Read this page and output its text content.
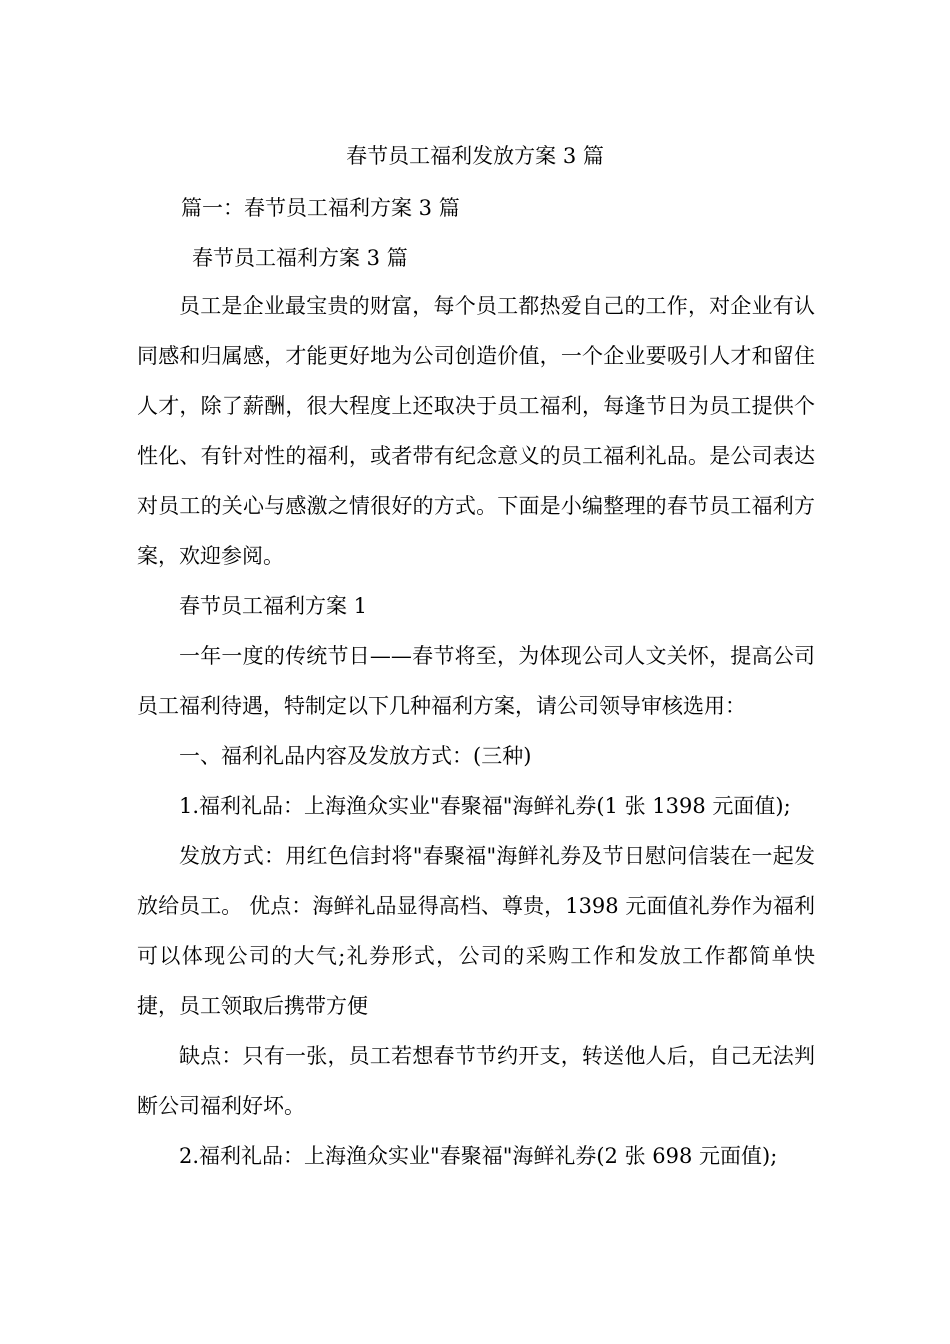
春节员工福利发放方案 3 篇
篇一：春节员工福利方案 3 篇
春节员工福利方案 3 篇

员工是企业最宝贵的财富，每个员工都热爱自己的工作，对企业有认同感和归属感，才能更好地为公司创造价值，一个企业要吸引人才和留住人才，除了薪酬，很大程度上还取决于员工福利，每逢节日为员工提供个性化、有针对性的福利，或者带有纪念意义的员工福利礼品。是公司表达对员工的关心与感激之情很好的方式。下面是小编整理的春节员工福利方案，欢迎参阅。

春节员工福利方案 1

一年一度的传统节日——春节将至，为体现公司人文关怀，提高公司员工福利待遇，特制定以下几种福利方案，请公司领导审核选用：

一、福利礼品内容及发放方式：(三种)

1.福利礼品：上海渔众实业"春聚福"海鲜礼券(1 张 1398 元面值);

发放方式：用红色信封将"春聚福"海鲜礼券及节日慰问信装在一起发放给员工。 优点：海鲜礼品显得高档、尊贵，1398 元面值礼券作为福利可以体现公司的大气;礼券形式，公司的采购工作和发放工作都简单快捷，员工领取后携带方便

缺点：只有一张，员工若想春节节约开支，转送他人后，自己无法判断公司福利好坏。

2.福利礼品：上海渔众实业"春聚福"海鲜礼券(2 张 698 元面值);
